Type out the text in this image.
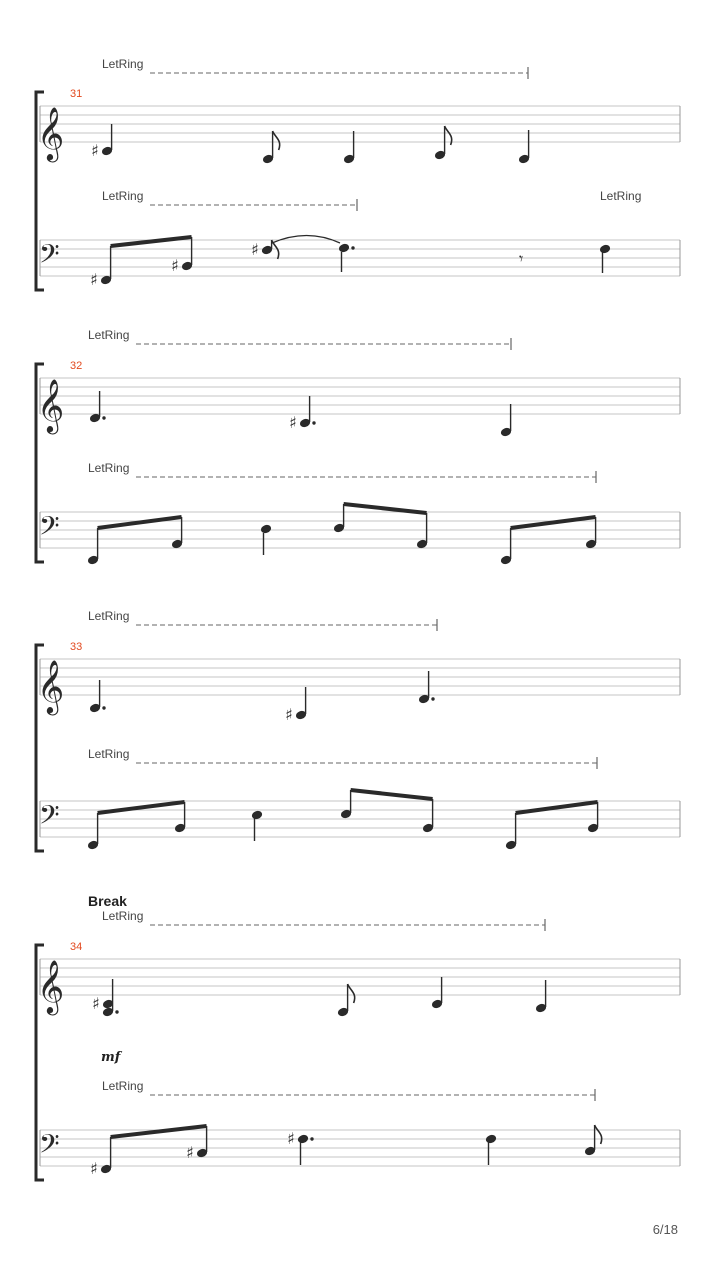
𝄞
𝄢
31
LetRing
LetRing	LetRing
𝄞
𝄢
32
LetRing
LetRing
𝄞
𝄢
33
LetRing
LetRing
𝄞
𝄢
34
LetRing
LetRing
Break
mf
♯
♯
♯
♯	𝄾
♯
♯
♯
♯
♯
♯
6/18
